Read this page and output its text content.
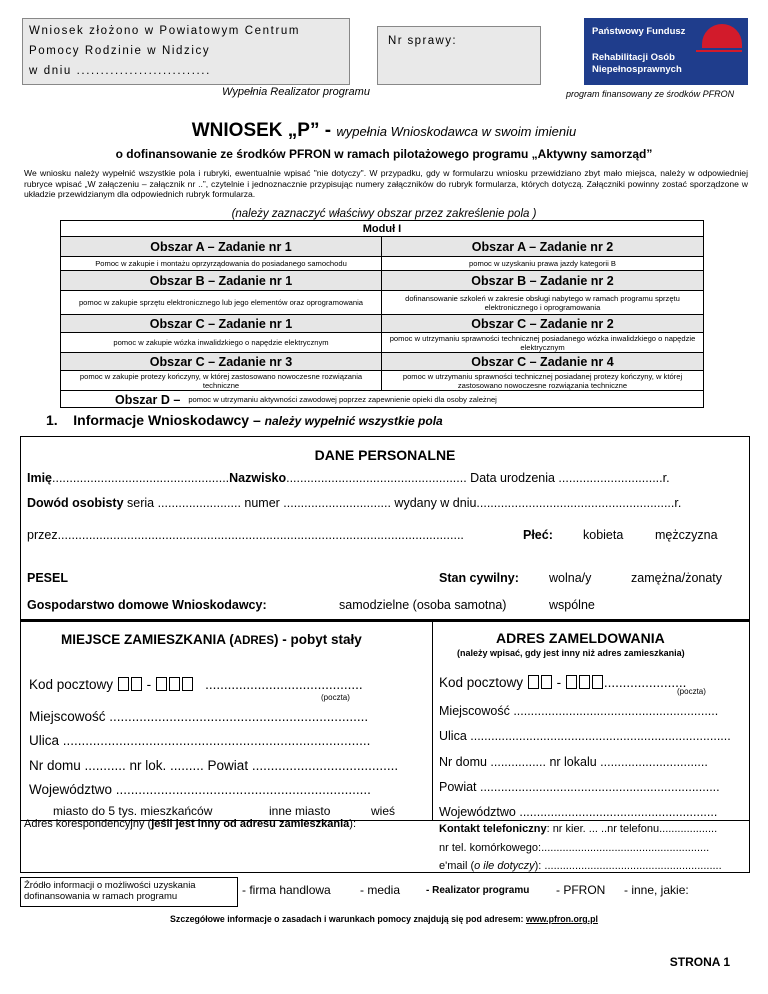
Wniosek złożono w Powiatowym Centrum
Pomocy Rodzinie w Nidzicy
w dniu ............................
Nr sprawy:
Państwowy Fundusz
Rehabilitacji Osób
Niepełnosprawnych
Wypełnia Realizator programu	program finansowany ze środków PFRON
WNIOSEK „P” - wypełnia Wnioskodawca w swoim imieniu
o dofinansowanie ze środków PFRON w ramach pilotażowego programu „Aktywny samorząd”
We wniosku należy wypełnić wszystkie pola i rubryki, ewentualnie wpisać "nie dotyczy". W przypadku, gdy w formularzu wniosku przewidziano zbyt mało miejsca, należy w odpowiedniej rubryce wpisać „W załączeniu – załącznik nr ..”, czytelnie i jednoznacznie przypisując numery załączników do rubryk formularza, których dotyczą. Załączniki powinny zostać sporządzone w układzie przewidzianym dla odpowiednich rubryk formularza.
(należy zaznaczyć właściwy obszar przez zakreślenie pola )
Moduł I
Obszar A – Zadanie nr 1	Obszar A – Zadanie nr 2
Pomoc w zakupie i montażu oprzyrządowania do posiadanego samochodu	pomoc w uzyskaniu prawa jazdy kategorii B
Obszar B – Zadanie nr 1	Obszar B – Zadanie nr 2
pomoc w zakupie sprzętu elektronicznego lub jego elementów oraz oprogramowania	dofinansowanie szkoleń w zakresie obsługi nabytego w ramach programu sprzętu elektronicznego i oprogramowania
Obszar C – Zadanie nr 1	Obszar C – Zadanie nr 2
pomoc w zakupie wózka inwalidzkiego o napędzie elektrycznym	pomoc w utrzymaniu sprawności technicznej posiadanego wózka inwalidzkiego o napędzie elektrycznym
Obszar C – Zadanie nr 3	Obszar C – Zadanie nr 4
pomoc w zakupie protezy kończyny, w której zastosowano nowoczesne rozwiązania techniczne
pomoc w utrzymaniu sprawności technicznej posiadanej protezy kończyny, w której zastosowano nowoczesne rozwiązania techniczne
Obszar D – pomoc w utrzymaniu aktywności zawodowej poprzez zapewnienie opieki dla osoby zależnej
1. Informacje Wnioskodawcy – należy wypełnić wszystkie pola
DANE PERSONALNE
Imię...................................................Nazwisko.................................................... Data urodzenia ..............................r.
Dowód osobisty seria ........................ numer ............................... wydany w dniu.........................................................r.
przez.....................................................................................................................	Płeć: kobieta	mężczyzna
PESEL	Stan cywilny: wolna/y	zamężna/żonaty
Gospodarstwo domowe Wnioskodawcy:	samodzielne (osoba samotna)	wspólne
MIEJSCE ZAMIESZKANIA (ADRES) - pobyt stały	ADRES ZAMELDOWANIA
(należy wpisać, gdy jest inny niż adres zamieszkania)
Kod pocztowy -	..........................................
(poczta)
Kod pocztowy -	......................
(poczta)
Miejscowość .....................................................................
Ulica ..................................................................................
Nr domu ........... nr lok. ......... Powiat .......................................
Województwo ....................................................................
miasto do 5 tys. mieszkańców	inne miasto	wieś
Miejscowość ...........................................................
Ulica ...........................................................................
Nr domu ................ nr lokalu ...............................
Powiat .....................................................................
Województwo .........................................................
Adres korespondencyjny (jeśli jest inny od adresu zamieszkania):	Kontakt telefoniczny: nr kier. ... ..nr telefonu...................
nr tel. komórkowego:.......................................................
e'mail (o ile dotyczy): ..........................................................
Źródło informacji o możliwości uzyskania dofinansowania w ramach programu	- firma handlowa - media	- Realizator programu - PFRON - inne, jakie:
Szczegółowe informacje o zasadach i warunkach pomocy znajdują się pod adresem: www.pfron.org.pl
STRONA 1
